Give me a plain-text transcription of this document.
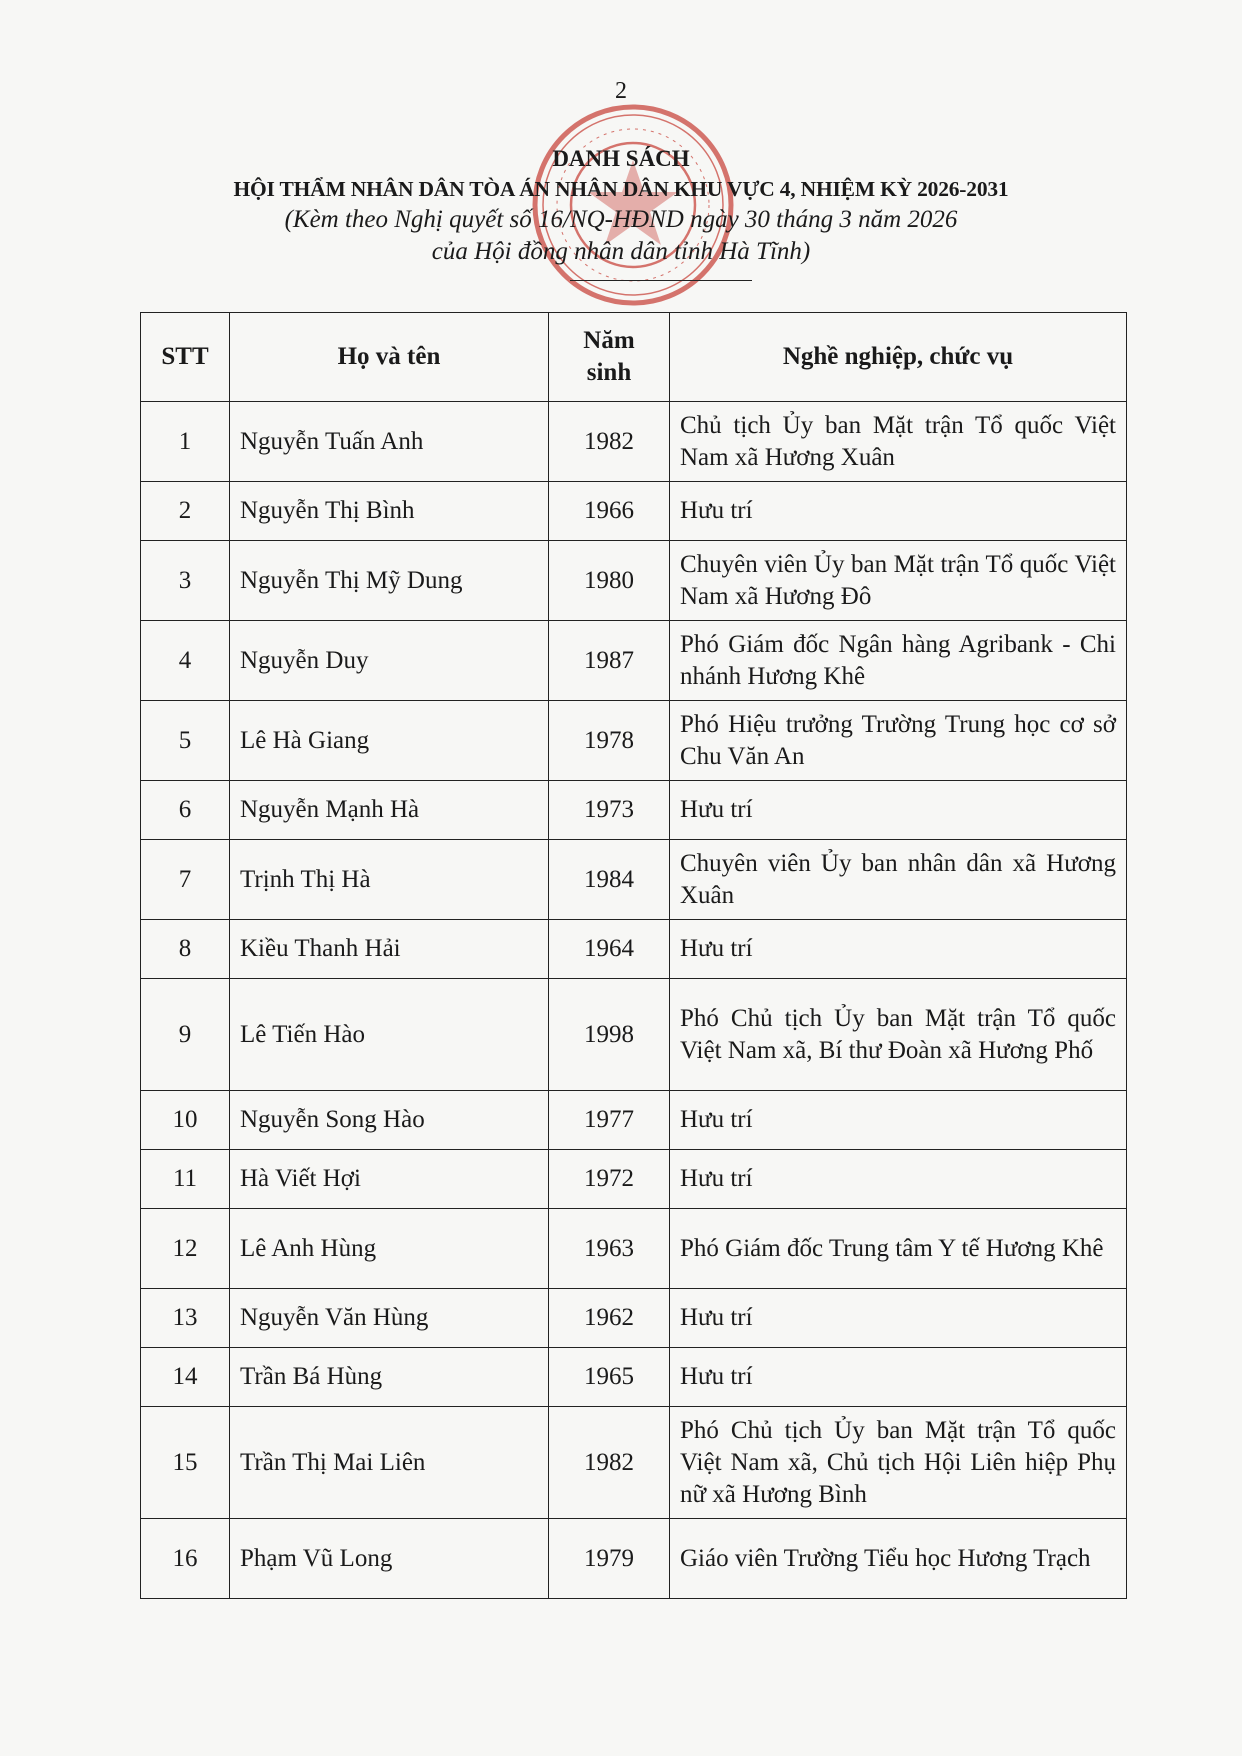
2
DANH SÁCH
HỘI THẨM NHÂN DÂN TÒA ÁN NHÂN DÂN KHU VỰC 4, NHIỆM KỲ 2026-2031
(Kèm theo Nghị quyết số 16/NQ-HĐND ngày 30 tháng 3 năm 2026
của Hội đồng nhân dân tỉnh Hà Tĩnh)
STT	Họ và tên	Năm sinh	Nghề nghiệp, chức vụ
1	Nguyễn Tuấn Anh	1982	Chủ tịch Ủy ban Mặt trận Tổ quốc Việt Nam xã Hương Xuân
2	Nguyễn Thị Bình	1966	Hưu trí
3	Nguyễn Thị Mỹ Dung	1980	Chuyên viên Ủy ban Mặt trận Tổ quốc Việt Nam xã Hương Đô
4	Nguyễn Duy	1987	Phó Giám đốc Ngân hàng Agribank - Chi nhánh Hương Khê
5	Lê Hà Giang	1978	Phó Hiệu trưởng Trường Trung học cơ sở Chu Văn An
6	Nguyễn Mạnh Hà	1973	Hưu trí
7	Trịnh Thị Hà	1984	Chuyên viên Ủy ban nhân dân xã Hương Xuân
8	Kiều Thanh Hải	1964	Hưu trí
9	Lê Tiến Hào	1998	Phó Chủ tịch Ủy ban Mặt trận Tổ quốc Việt Nam xã, Bí thư Đoàn xã Hương Phố
10	Nguyễn Song Hào	1977	Hưu trí
11	Hà Viết Hợi	1972	Hưu trí
12	Lê Anh Hùng	1963	Phó Giám đốc Trung tâm Y tế Hương Khê
13	Nguyễn Văn Hùng	1962	Hưu trí
14	Trần Bá Hùng	1965	Hưu trí
15	Trần Thị Mai Liên	1982	Phó Chủ tịch Ủy ban Mặt trận Tổ quốc Việt Nam xã, Chủ tịch Hội Liên hiệp Phụ nữ xã Hương Bình
16	Phạm Vũ Long	1979	Giáo viên Trường Tiểu học Hương Trạch
